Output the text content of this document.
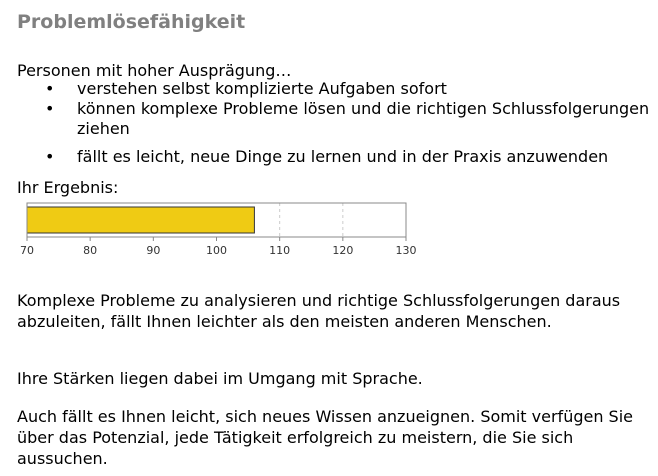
Problemlösefähigkeit
Personen mit hoher Ausprägung…
• verstehen selbst komplizierte Aufgaben sofort
• können komplexe Probleme lösen und die richtigen Schlussfolgerungen ziehen
• fällt es leicht, neue Dinge zu lernen und in der Praxis anzuwenden
Ihr Ergebnis:
70	80	90	100	110	120	130
Komplexe Probleme zu analysieren und richtige Schlussfolgerungen daraus abzuleiten, fällt Ihnen leichter als den meisten anderen Menschen.
Ihre Stärken liegen dabei im Umgang mit Sprache.
Auch fällt es Ihnen leicht, sich neues Wissen anzueignen. Somit verfügen Sie über das Potenzial, jede Tätigkeit erfolgreich zu meistern, die Sie sich aussuchen.
